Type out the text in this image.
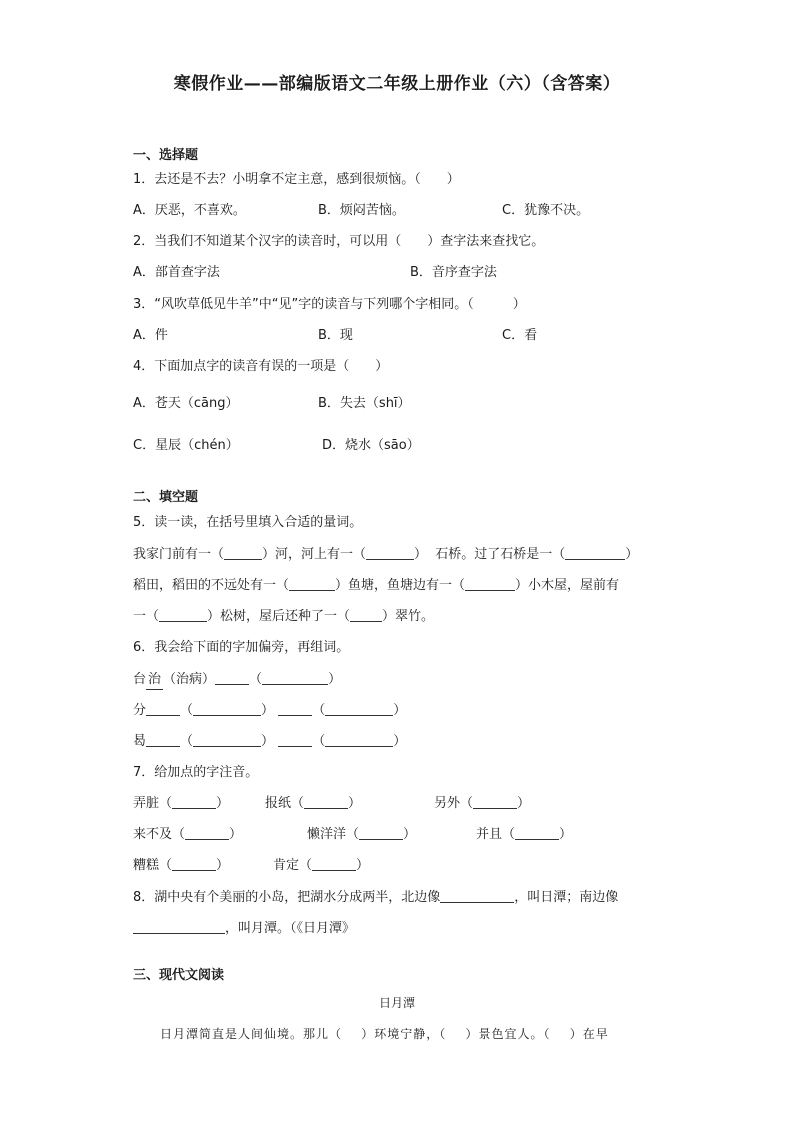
寒假作业——部编版语文二年级上册作业（六）（含答案）
一、选择题
1．去还是不去？小明拿不定主意，感到很烦恼。（　　）
A．厌恶，不喜欢。	B．烦闷苦恼。	C．犹豫不决。
2．当我们不知道某个汉字的读音时，可以用（　　）查字法来查找它。
A．部首查字法	B．音序查字法
3．“风吹草低见牛羊”中“见”字的读音与下列哪个字相同。（　　　）
A．件	B．现	C．看
4．下面加点字的读音有误的一项是（　　）
A．苍天（cāng）	B．失去（shī）
C．星辰（chén）	D．烧水（sāo）
二、填空题
5．读一读，在括号里填入合适的量词。
我家门前有一（	）河，河上有一（	）  石桥。过了石桥是一（	）
稻田，稻田的不远处有一（	）鱼塘，鱼塘边有一（	）小木屋，屋前有
一（	）松树，屋后还种了一（ ）翠竹。
6．我会给下面的字加偏旁，再组词。
台 治 （治病）	（	）
分	（	）	（	）
曷	（	）	（	）
7．给加点的字注音。
弄脏（	）	报纸（	）	另外（	）
来不及（	）	懒洋洋（	）	并且（	）
糟糕（	）	肯定（	）
8．湖中央有个美丽的小岛，把湖水分成两半，北边像	，叫日潭；南边像
，叫月潭。（《日月潭》
三、现代文阅读
日月潭
日月潭简直是人间仙境。那儿（    ）环境宁静，（    ）景色宜人。（    ）在早
